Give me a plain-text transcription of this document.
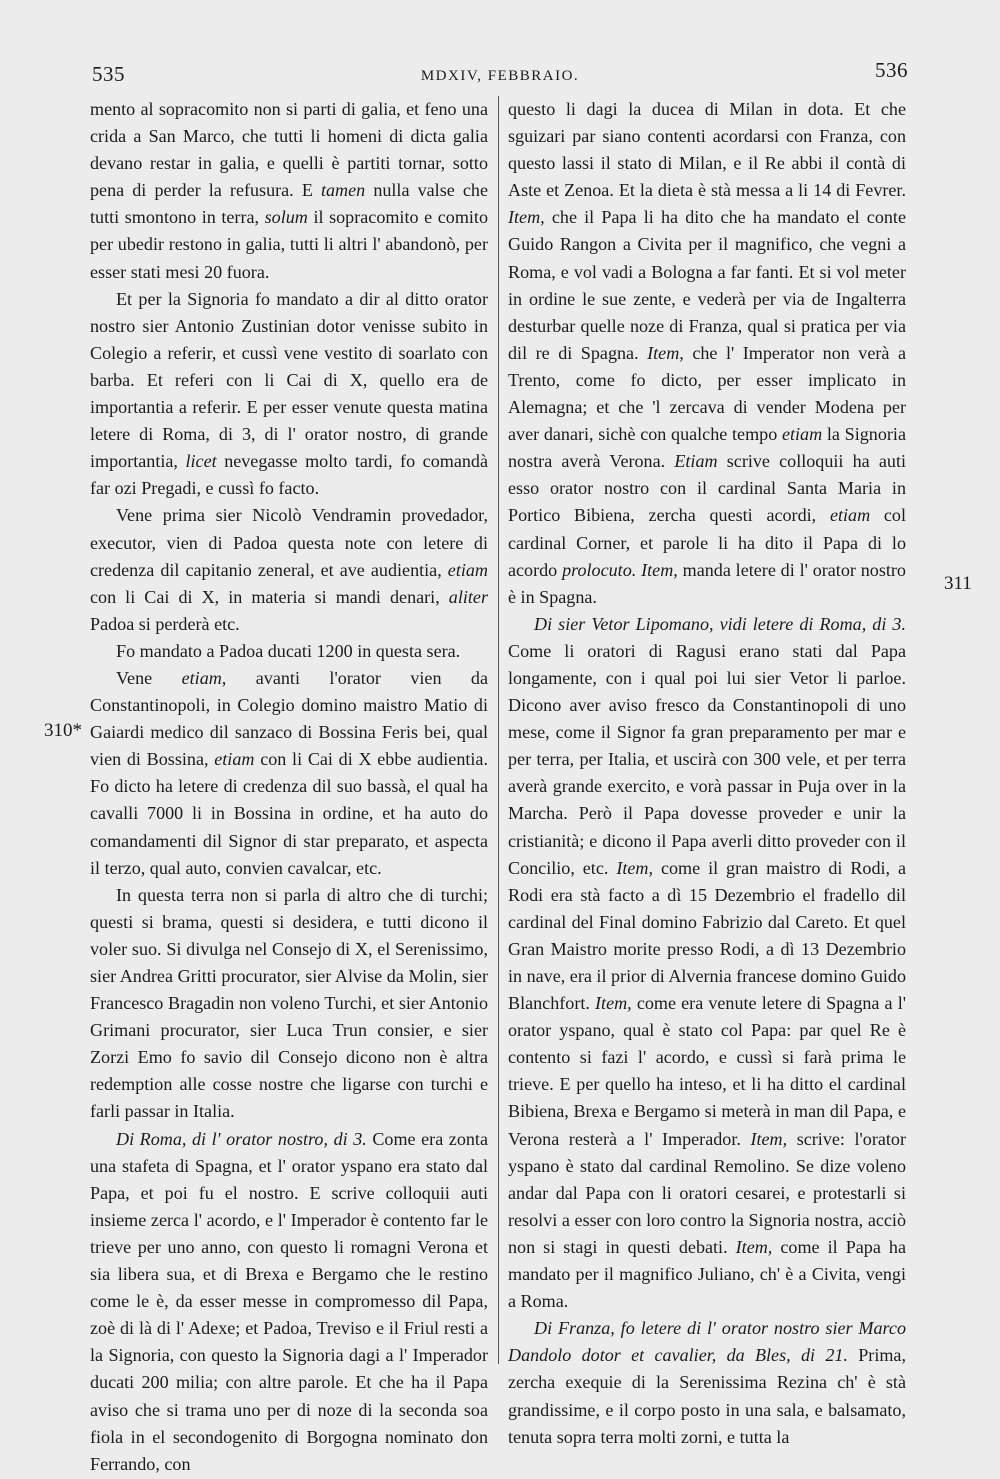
535	MDXIV, FEBBRAIO.	536
310*
311

mento al sopracomito non si parti di galia, et feno una crida a San Marco, che tutti li homeni di dicta galia devano restar in galia, e quelli è partiti tornar, sotto pena di perder la refusura. E tamen nulla valse che tutti smontono in terra, solum il sopracomito e comito per ubedir restono in galia, tutti li altri l' abandonò, per esser stati mesi 20 fuora.

Et per la Signoria fo mandato a dir al ditto orator nostro sier Antonio Zustinian dotor venisse subito in Colegio a referir, et cussì vene vestito di soarlato con barba. Et referi con li Cai di X, quello era de importantia a referir. E per esser venute questa matina letere di Roma, di 3, di l' orator nostro, di grande importantia, licet nevegasse molto tardi, fo comandà far ozi Pregadi, e cussì fo facto.

Vene prima sier Nicolò Vendramin provedador, executor, vien di Padoa questa note con letere di credenza dil capitanio zeneral, et ave audientia, etiam con li Cai di X, in materia si mandi denari, aliter Padoa si perderà etc.

Fo mandato a Padoa ducati 1200 in questa sera.

Vene etiam, avanti l'orator vien da Constantinopoli, in Colegio domino maistro Matio di Gaiardi medico dil sanzaco di Bossina Feris bei, qual vien di Bossina, etiam con li Cai di X ebbe audientia. Fo dicto ha letere di credenza dil suo bassà, el qual ha cavalli 7000 li in Bossina in ordine, et ha auto do comandamenti dil Signor di star preparato, et aspecta il terzo, qual auto, convien cavalcar, etc.

In questa terra non si parla di altro che di turchi; questi si brama, questi si desidera, e tutti dicono il voler suo. Si divulga nel Consejo di X, el Serenissimo, sier Andrea Gritti procurator, sier Alvise da Molin, sier Francesco Bragadin non voleno Turchi, et sier Antonio Grimani procurator, sier Luca Trun consier, e sier Zorzi Emo fo savio dil Consejo dicono non è altra redemption alle cosse nostre che ligarse con turchi e farli passar in Italia.

Di Roma, di l' orator nostro, di 3. Come era zonta una stafeta di Spagna, et l' orator yspano era stato dal Papa, et poi fu el nostro. E scrive colloquii auti insieme zerca l' acordo, e l' Imperador è contento far le trieve per uno anno, con questo li romagni Verona et sia libera sua, et di Brexa e Bergamo che le restino come le è, da esser messe in compromesso dil Papa, zoè di là di l' Adexe; et Padoa, Treviso e il Friul resti a la Signoria, con questo la Signoria dagi a l' Imperador ducati 200 milia; con altre parole. Et che ha il Papa aviso che si trama uno per di noze di la seconda soa fiola in el secondogenito di Borgogna nominato don Ferrando, con

questo li dagi la ducea di Milan in dota. Et che sguizari par siano contenti acordarsi con Franza, con questo lassi il stato di Milan, e il Re abbi il contà di Aste et Zenoa. Et la dieta è stà messa a li 14 di Fevrer. Item, che il Papa li ha dito che ha mandato el conte Guido Rangon a Civita per il magnifico, che vegni a Roma, e vol vadi a Bologna a far fanti. Et si vol meter in ordine le sue zente, e vederà per via de Ingalterra desturbar quelle noze di Franza, qual si pratica per via dil re di Spagna. Item, che l' Imperator non verà a Trento, come fo dicto, per esser implicato in Alemagna; et che 'l zercava di vender Modena per aver danari, sichè con qualche tempo etiam la Signoria nostra averà Verona. Etiam scrive colloquii ha auti esso orator nostro con il cardinal Santa Maria in Portico Bibiena, zercha questi acordi, etiam col cardinal Corner, et parole li ha dito il Papa di lo acordo prolocuto. Item, manda letere di l' orator nostro è in Spagna.

Di sier Vetor Lipomano, vidi letere di Roma, di 3. Come li oratori di Ragusi erano stati dal Papa longamente, con i qual poi lui sier Vetor li parloe. Dicono aver aviso fresco da Constantinopoli di uno mese, come il Signor fa gran preparamento per mar e per terra, per Italia, et uscirà con 300 vele, et per terra averà grande exercito, e vorà passar in Puja over in la Marcha. Però il Papa dovesse proveder e unir la cristianità; e dicono il Papa averli ditto proveder con il Concilio, etc. Item, come il gran maistro di Rodi, a Rodi era stà facto a dì 15 Dezembrio el fradello dil cardinal del Final domino Fabrizio dal Careto. Et quel Gran Maistro morite presso Rodi, a dì 13 Dezembrio in nave, era il prior di Alvernia francese domino Guido Blanchfort. Item, come era venute letere di Spagna a l' orator yspano, qual è stato col Papa: par quel Re è contento si fazi l' acordo, e cussì si farà prima le trieve. E per quello ha inteso, et li ha ditto el cardinal Bibiena, Brexa e Bergamo si meterà in man dil Papa, e Verona resterà a l' Imperador. Item, scrive: l'orator yspano è stato dal cardinal Remolino. Se dize voleno andar dal Papa con li oratori cesarei, e protestarli si resolvi a esser con loro contro la Signoria nostra, acciò non si stagi in questi debati. Item, come il Papa ha mandato per il magnifico Juliano, ch' è a Civita, vengi a Roma.

Di Franza, fo letere di l' orator nostro sier Marco Dandolo dotor et cavalier, da Bles, di 21. Prima, zercha exequie di la Serenissima Rezina ch' è stà grandissime, e il corpo posto in una sala, e balsamato, tenuta sopra terra molti zorni, e tutta la
